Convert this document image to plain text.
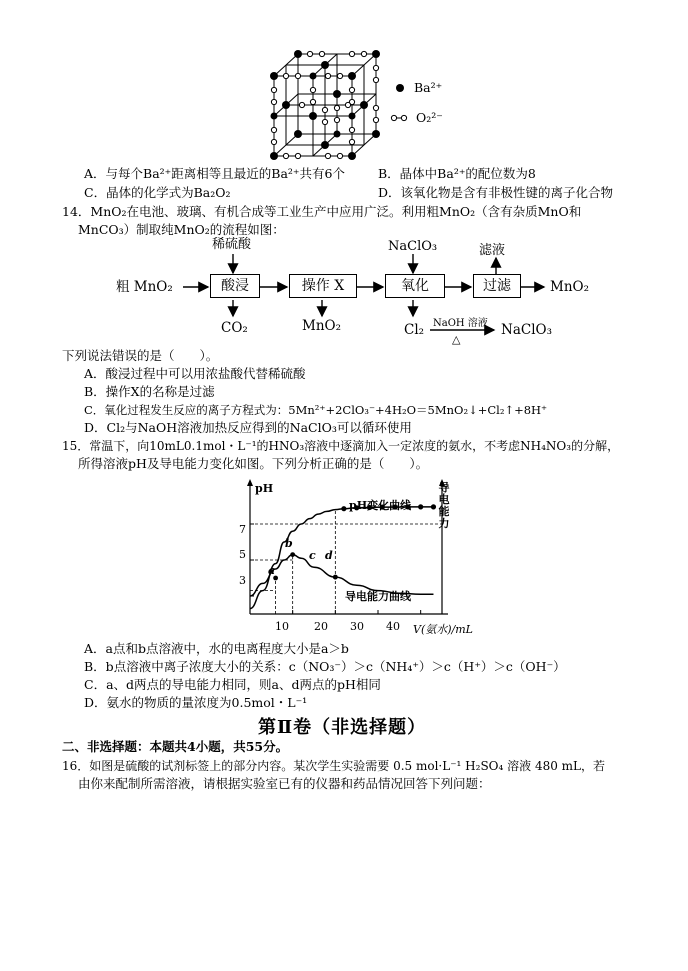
Ba²⁺
O₂²⁻
A．与每个Ba²⁺距离相等且最近的Ba²⁺共有6个	B．晶体中Ba²⁺的配位数为8
C．晶体的化学式为Ba₂O₂	D．该氧化物是含有非极性键的离子化合物
14．MnO₂在电池、玻璃、有机合成等工业生产中应用广泛。利用粗MnO₂（含有杂质MnO和
MnCO₃）制取纯MnO₂的流程如图：
稀硫酸	NaClO₃	滤液
粗 MnO₂	酸浸	操作 X	氧化	过滤	MnO₂
CO₂	MnO₂	Cl₂ NaOH 溶液
△
NaClO₃
下列说法错误的是（　　）。
A．酸浸过程中可以用浓盐酸代替稀硫酸
B．操作X的名称是过滤
C．氧化过程发生反应的离子方程式为：5Mn²⁺+2ClO₃⁻+4H₂O＝5MnO₂↓+Cl₂↑+8H⁺
D．Cl₂与NaOH溶液加热反应得到的NaClO₃可以循环使用
15．常温下，向10mL0.1mol・L⁻¹的HNO₃溶液中逐滴加入一定浓度的氨水，不考虑NH₄NO₃的分解，
所得溶液pH及导电能力变化如图。下列分析正确的是（　　）。
pH	导电能力
pH变化曲线
导电能力曲线
7
5
3
10 20 30 40 V(氨水)/mL
a
b
c d
A．a点和b点溶液中，水的电离程度大小是a＞b
B．b点溶液中离子浓度大小的关系：c（NO₃⁻）＞c（NH₄⁺）＞c（H⁺）＞c（OH⁻）
C．a、d两点的导电能力相同，则a、d两点的pH相同
D．氨水的物质的量浓度为0.5mol・L⁻¹
第Ⅱ卷（非选择题）
二、非选择题：本题共4小题，共55分。
16．如图是硫酸的试剂标签上的部分内容。某次学生实验需要 0.5 mol·L⁻¹ H₂SO₄ 溶液 480 mL，若
由你来配制所需溶液，请根据实验室已有的仪器和药品情况回答下列问题：
